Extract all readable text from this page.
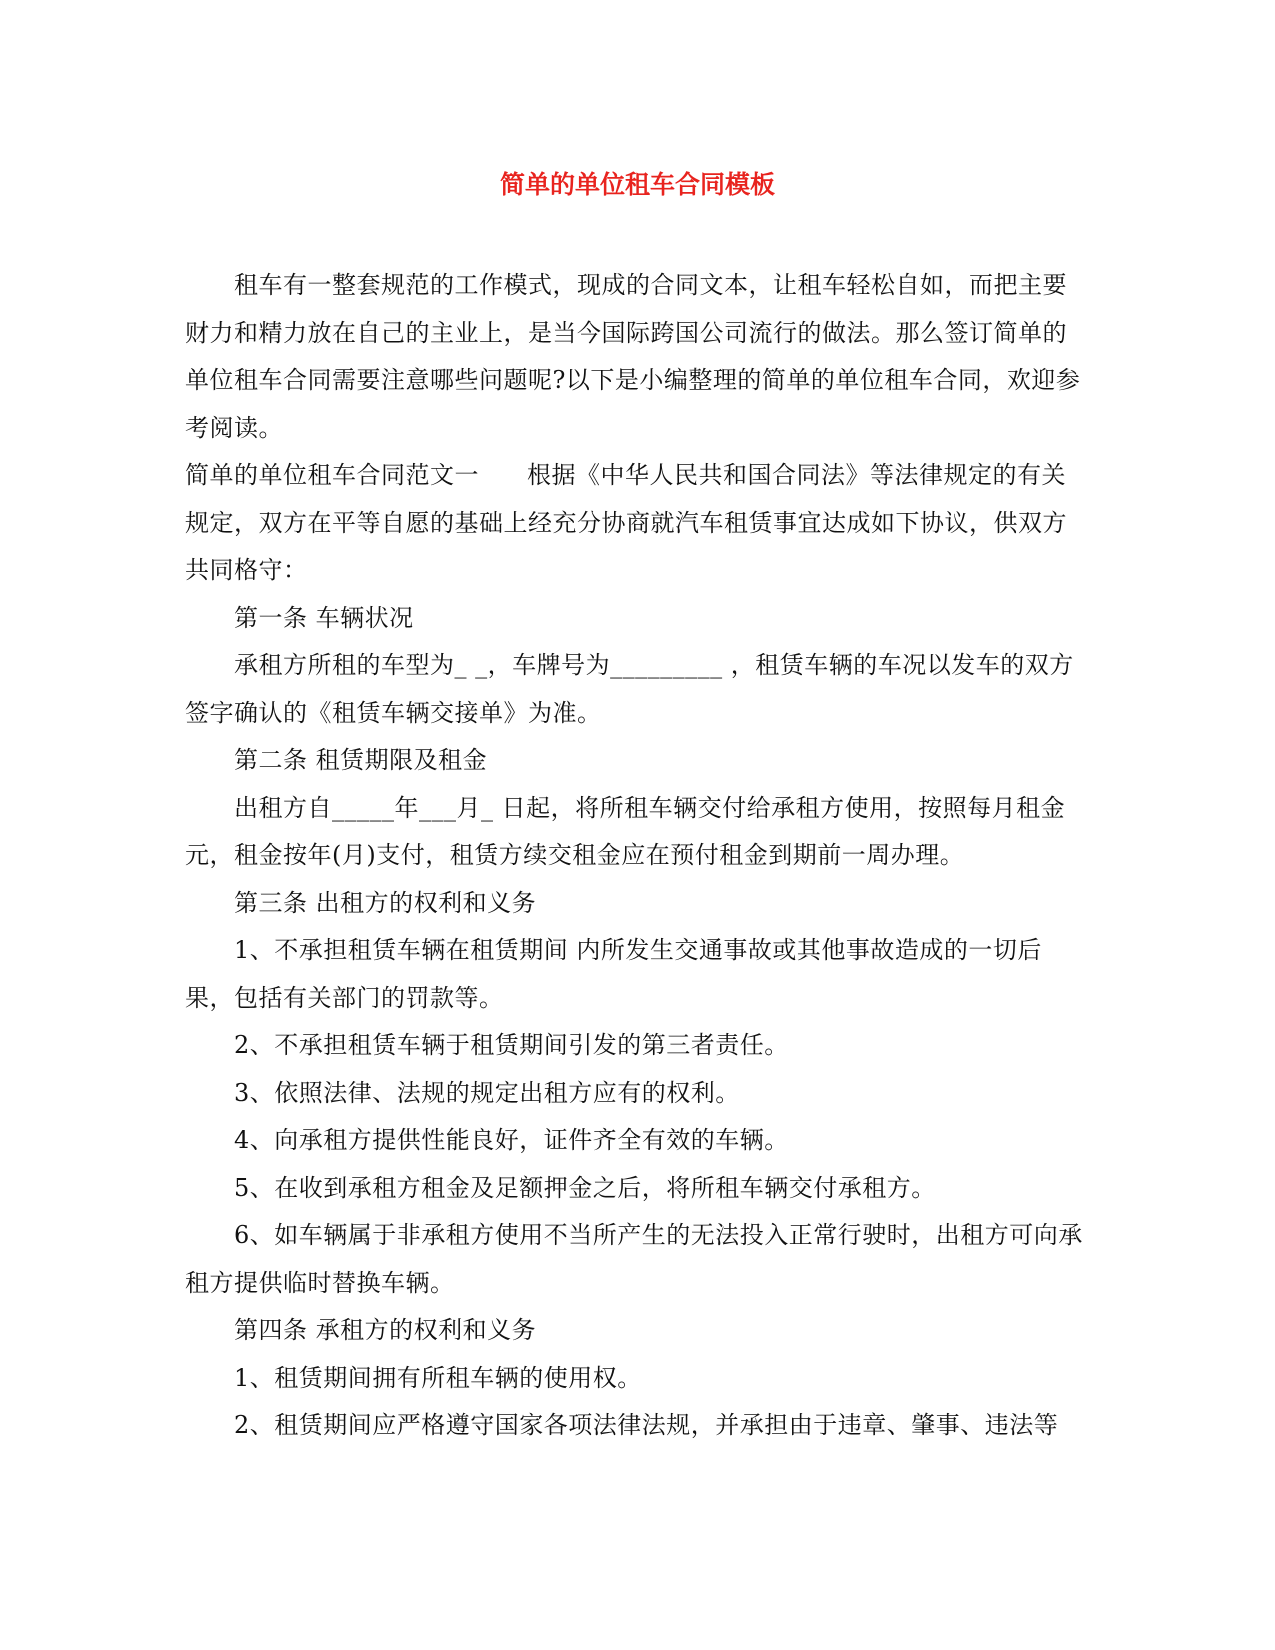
简单的单位租车合同模板

租车有一整套规范的工作模式，现成的合同文本，让租车轻松自如，而把主要财力和精力放在自己的主业上，是当今国际跨国公司流行的做法。那么签订简单的单位租车合同需要注意哪些问题呢?以下是小编整理的简单的单位租车合同，欢迎参考阅读。

简单的单位租车合同范文一 根据《中华人民共和国合同法》等法律规定的有关规定，双方在平等自愿的基础上经充分协商就汽车租赁事宜达成如下协议，供双方共同格守：

第一条 车辆状况

承租方所租的车型为_ _，车牌号为_________ ，租赁车辆的车况以发车的双方签字确认的《租赁车辆交接单》为准。

第二条 租赁期限及租金

出租方自_____年___月_ 日起，将所租车辆交付给承租方使用，按照每月租金 元，租金按年(月)支付，租赁方续交租金应在预付租金到期前一周办理。

第三条 出租方的权利和义务

1、不承担租赁车辆在租赁期间 内所发生交通事故或其他事故造成的一切后果，包括有关部门的罚款等。

2、不承担租赁车辆于租赁期间引发的第三者责任。

3、依照法律、法规的规定出租方应有的权利。

4、向承租方提供性能良好，证件齐全有效的车辆。

5、在收到承租方租金及足额押金之后，将所租车辆交付承租方。

6、如车辆属于非承租方使用不当所产生的无法投入正常行驶时，出租方可向承租方提供临时替换车辆。

第四条 承租方的权利和义务

1、租赁期间拥有所租车辆的使用权。

2、租赁期间应严格遵守国家各项法律法规，并承担由于违章、肇事、违法等
